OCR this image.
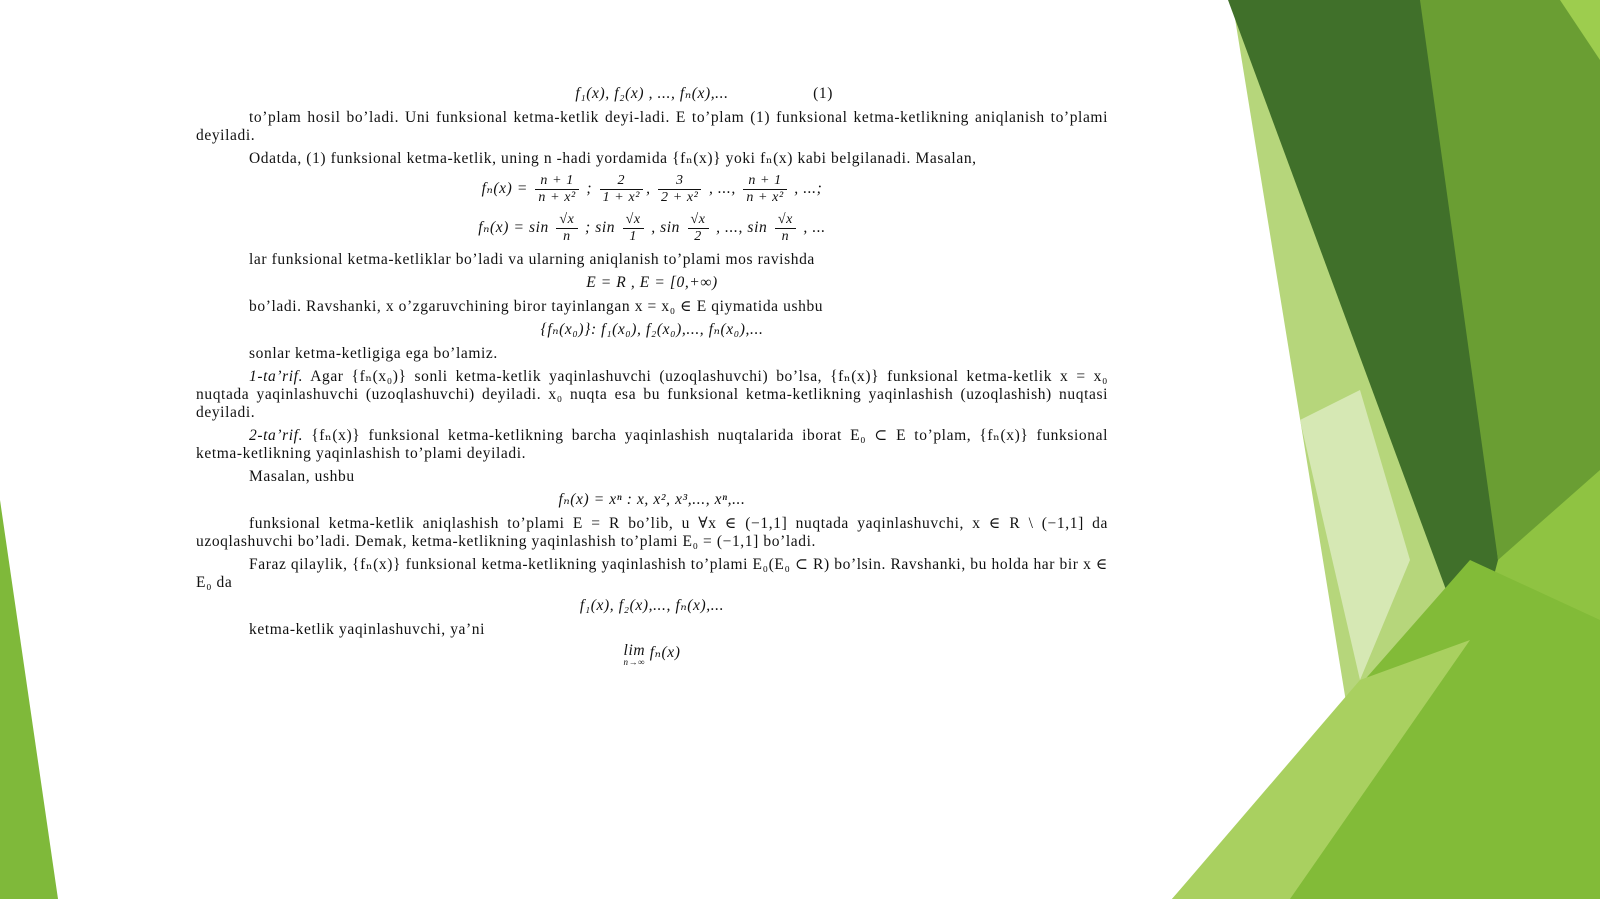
f₁(x), f₂(x) , ..., fₙ(x),...	(1)

to’plam hosil bo’ladi. Uni funksional ketma-ketlik deyi-ladi. E to’plam (1) funksional ketma-ketlikning aniqlanish to’plami deyiladi.

Odatda, (1) funksional ketma-ketlik, uning n -hadi yordamida {fₙ(x)} yoki fₙ(x) kabi belgilanadi. Masalan,

$f_n(x) = \frac{n + 1}{\text{n + x²}}$ ; $\frac{2}{\text{1 + x²}}$ , $\frac{3}{\text{2 + x²}}$ , ..., $\frac{n + 1}{\text{n + x²}}$ , ...;
$f_n(x) = \sin \frac{√x}{n}$ ; $\sin \frac{√x}{1}$ , $\sin \frac{√x}{2}$ , ..., $\sin \frac{√x}{n}$ , ...

lar funksional ketma-ketliklar bo’ladi va ularning aniqlanish to’plami mos ravishda

E = R , E = [0,+∞)

bo’ladi. Ravshanki, x o’zgaruvchining biror tayinlangan x = x₀ ∈ E qiymatida ushbu

{fₙ(x₀)}: f₁(x₀), f₂(x₀),..., fₙ(x₀),...

sonlar ketma-ketligiga ega bo’lamiz.

1-ta’rif. Agar {fₙ(x₀)} sonli ketma-ketlik yaqinlashuvchi (uzoqlashuvchi) bo’lsa, {fₙ(x)} funksional ketma-ketlik x = x₀ nuqtada yaqinlashuvchi (uzoqlashuvchi) deyiladi. x₀ nuqta esa bu funksional ketma-ketlikning yaqinlashish (uzoqlashish) nuqtasi deyiladi.

2-ta’rif. {fₙ(x)} funksional ketma-ketlikning barcha yaqinlashish nuqtalarida iborat E₀ ⊂ E to’plam, {fₙ(x)} funksional ketma-ketlikning yaqinlashish to’plami deyiladi.

Masalan, ushbu

fₙ(x) = xⁿ : x, x², x³,..., xⁿ,...

funksional ketma-ketlik aniqlashish to’plami E = R bo’lib, u ∀x ∈ (−1,1] nuqtada yaqinlashuvchi, x ∈ R \ (−1,1] da uzoqlashuvchi bo’ladi. Demak, ketma-ketlikning yaqinlashish to’plami E₀ = (−1,1] bo’ladi.

Faraz qilaylik, {fₙ(x)} funksional ketma-ketlikning yaqinlashish to’plami E₀(E₀ ⊂ R) bo’lsin. Ravshanki, bu holda har bir x ∈ E₀ da

f₁(x), f₂(x),..., fₙ(x),...

ketma-ketlik yaqinlashuvchi, ya’ni

lim
n→∞
fₙ(x)
